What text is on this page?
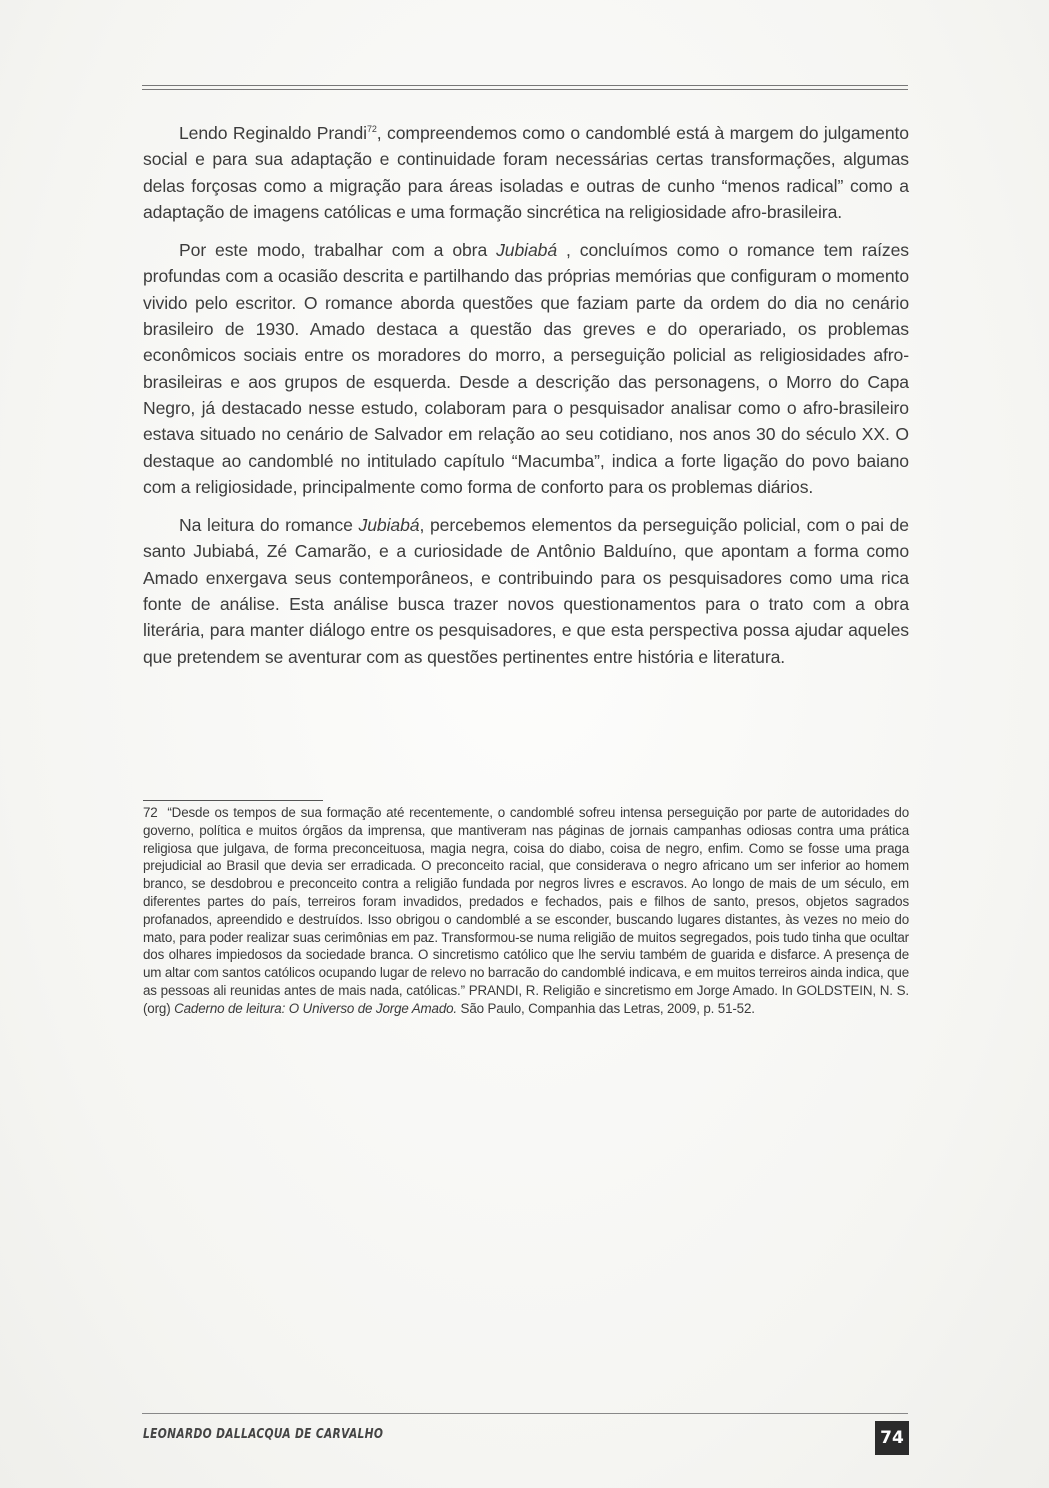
Lendo Reginaldo Prandi$^{72}$, compreendemos como o candomblé está à margem do julgamento social e para sua adaptação e continuidade foram necessárias certas transformações, algumas delas forçosas como a migração para áreas isoladas e outras de cunho “menos radical” como a adaptação de imagens católicas e uma formação sincrética na religiosidade afro-brasileira.

Por este modo, trabalhar com a obra Jubiabá , concluímos como o romance tem raízes profundas com a ocasião descrita e partilhando das próprias memórias que configuram o momento vivido pelo escritor. O romance aborda questões que faziam parte da ordem do dia no cenário brasileiro de 1930. Amado destaca a questão das greves e do operariado, os problemas econômicos sociais entre os moradores do morro, a perseguição policial as religiosidades afro-brasileiras e aos grupos de esquerda. Desde a descrição das personagens, o Morro do Capa Negro, já destacado nesse estudo, colaboram para o pesquisador analisar como o afro-brasileiro estava situado no cenário de Salvador em relação ao seu cotidiano, nos anos 30 do século XX. O destaque ao candomblé no intitulado capítulo “Macumba”, indica a forte ligação do povo baiano com a religiosidade, principalmente como forma de conforto para os problemas diários.

Na leitura do romance Jubiabá, percebemos elementos da perseguição policial, com o pai de santo Jubiabá, Zé Camarão, e a curiosidade de Antônio Balduíno, que apontam a forma como Amado enxergava seus contemporâneos, e contribuindo para os pesquisadores como uma rica fonte de análise. Esta análise busca trazer novos questionamentos para o trato com a obra literária, para manter diálogo entre os pesquisadores, e que esta perspectiva possa ajudar aqueles que pretendem se aventurar com as questões pertinentes entre história e literatura.

72 “Desde os tempos de sua formação até recentemente, o candomblé sofreu intensa perseguição por parte de autoridades do governo, política e muitos órgãos da imprensa, que mantiveram nas páginas de jornais campanhas odiosas contra uma prática religiosa que julgava, de forma preconceituosa, magia negra, coisa do diabo, coisa de negro, enfim. Como se fosse uma praga prejudicial ao Brasil que devia ser erradicada. O preconceito racial, que considerava o negro africano um ser inferior ao homem branco, se desdobrou e preconceito contra a religião fundada por negros livres e escravos. Ao longo de mais de um século, em diferentes partes do país, terreiros foram invadidos, predados e fechados, pais e filhos de santo, presos, objetos sagrados profanados, apreendido e destruídos. Isso obrigou o candomblé a se esconder, buscando lugares distantes, às vezes no meio do mato, para poder realizar suas cerimônias em paz. Transformou-se numa religião de muitos segregados, pois tudo tinha que ocultar dos olhares impiedosos da sociedade branca. O sincretismo católico que lhe serviu também de guarida e disfarce. A presença de um altar com santos católicos ocupando lugar de relevo no barracão do candomblé indicava, e em muitos terreiros ainda indica, que as pessoas ali reunidas antes de mais nada, católicas.” PRANDI, R. Religião e sincretismo em Jorge Amado. In GOLDSTEIN, N. S. (org) Caderno de leitura: O Universo de Jorge Amado. São Paulo, Companhia das Letras, 2009, p. 51-52.
LEONARDO DALLACQUA DE CARVALHO	74
